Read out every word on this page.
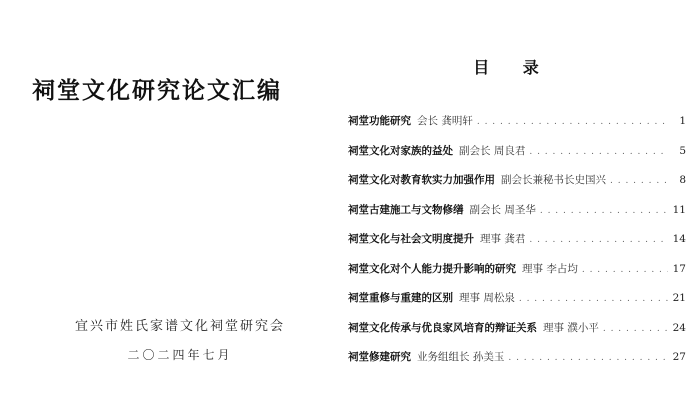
祠堂文化研究论文汇编
宜兴市姓氏家谱文化祠堂研究会
二〇二四年七月
目 录
祠堂功能研究 会长 龚明轩 . . .	1
祠堂文化对家族的益处 副会长 周良君 . . .	5
祠堂文化对教育软实力加强作用 副会长兼秘书长史国兴 . . .	8
祠堂古建施工与文物修缮 副会长 周圣华 . . .	11
祠堂文化与社会文明度提升 理事 龚君 . . .	14
祠堂文化对个人能力提升影响的研究 理事 李占均 . . .	17
祠堂重修与重建的区别 理事 周松泉 . . .	21
祠堂文化传承与优良家风培育的辩证关系 理事 濮小平 . . .	24
祠堂修建研究 业务组组长 孙美玉 . . .	27
